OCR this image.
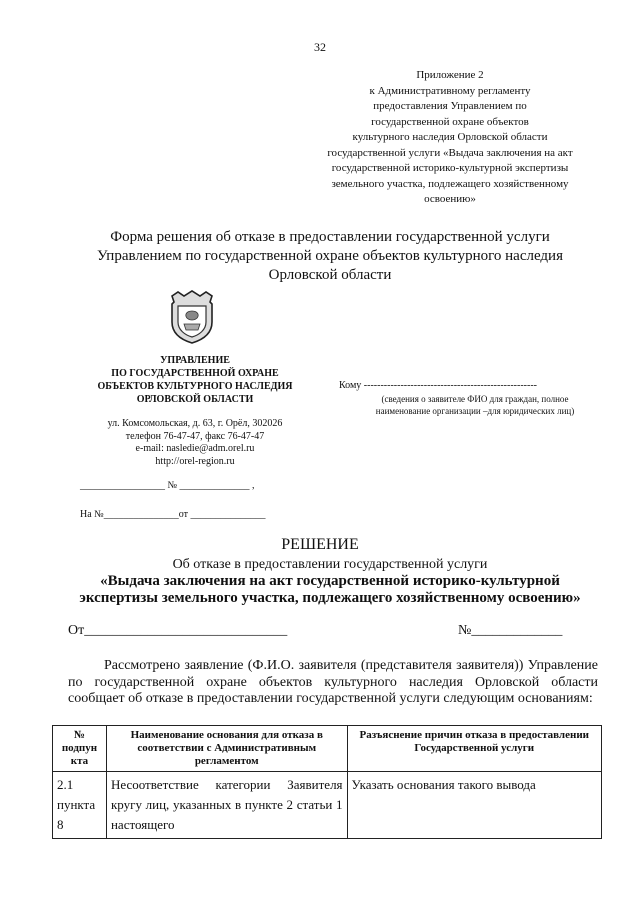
32
Приложение 2
к Административному регламенту
предоставления Управлением по
государственной охране объектов
культурного наследия Орловской области
государственной услуги «Выдача заключения на акт
государственной историко-культурной экспертизы
земельного участка, подлежащего хозяйственному
освоению»
Форма решения об отказе в предоставлении государственной услуги
Управлением по государственной охране объектов культурного наследия
Орловской области
УПРАВЛЕНИЕ
ПО ГОСУДАРСТВЕННОЙ ОХРАНЕ
ОБЪЕКТОВ КУЛЬТУРНОГО НАСЛЕДИЯ
ОРЛОВСКОЙ ОБЛАСТИ
ул. Комсомольская, д. 63, г. Орёл, 302026
телефон 76-47-47, факс 76-47-47
e-mail: nasledie@adm.orel.ru
http://orel-region.ru
_________________ № ______________ ,
На №_______________от _______________
Кому ----------------------------------------------------
(сведения о заявителе ФИО для граждан, полное
наименование организации –для юридических лиц)
РЕШЕНИЕ
Об отказе в предоставлении государственной услуги
«Выдача заключения на акт государственной историко-культурной
экспертизы земельного участка, подлежащего хозяйственному освоению»
От_____________________________	№_____________
Рассмотрено заявление (Ф.И.О. заявителя (представителя заявителя)) Управление по государственной охране объектов культурного наследия Орловской области сообщает об отказе в предоставлении государственной услуги следующим основаниям:
№ подпун кта	Наименование основания для отказа в соответствии с Административным регламентом	Разъяснение причин отказа в предоставлении Государственной услуги
2.1 пункта 8	Несоответствие категории Заявителя кругу лиц, указанных в пункте 2 статьи 1 настоящего	Указать основания такого вывода
